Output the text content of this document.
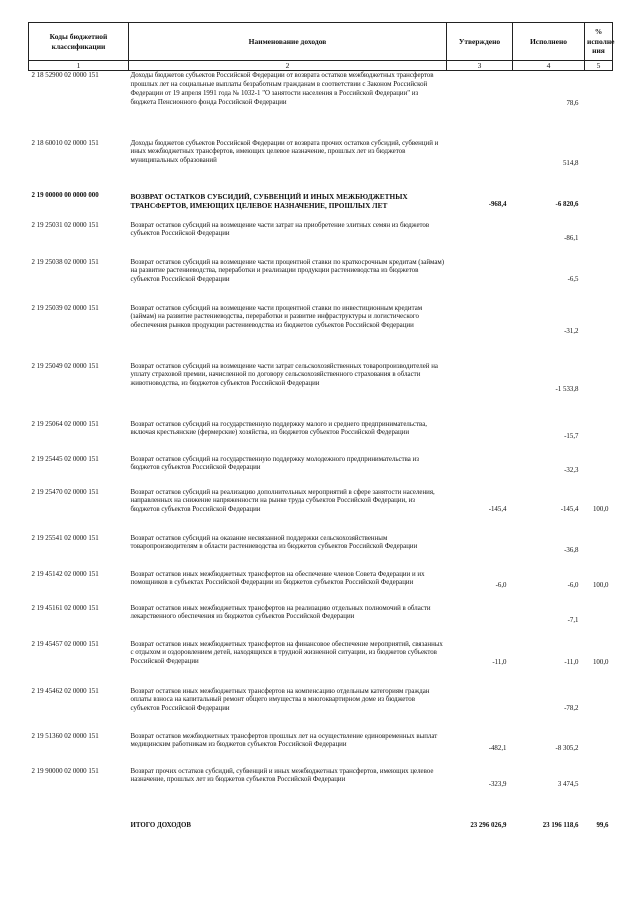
Коды бюджетной классификации	Наименование доходов	Утверждено	Исполнено	% исполне ния
1	2	3	4	5
2 18 52900 02 0000 151	Доходы бюджетов субъектов Российской Федерации от возврата остатков межбюджетных трансфертов прошлых лет на социальные выплаты безработным гражданам в соответствии с Законом Российской Федерации от 19 апреля 1991 года № 1032-1 "О занятости населения в Российской Федерации" из бюджета Пенсионного фонда Российской Федерации		78,6	
2 18 60010 02 0000 151	Доходы бюджетов субъектов Российской Федерации от возврата прочих остатков субсидий, субвенций и иных межбюджетных трансфертов, имеющих целевое назначение, прошлых лет из бюджетов муниципальных образований		514,8	
2 19 00000 00 0000 000	ВОЗВРАТ ОСТАТКОВ СУБСИДИЙ, СУБВЕНЦИЙ И ИНЫХ МЕЖБЮДЖЕТНЫХ ТРАНСФЕРТОВ, ИМЕЮЩИХ ЦЕЛЕВОЕ НАЗНАЧЕНИЕ, ПРОШЛЫХ ЛЕТ	-968,4	-6 820,6	
2 19 25031 02 0000 151	Возврат остатков субсидий на возмещение части затрат на приобретение элитных семян из бюджетов субъектов Российской Федерации		-86,1	
2 19 25038 02 0000 151	Возврат остатков субсидий на возмещение части процентной ставки по краткосрочным кредитам (займам) на развитие растениеводства, переработки и реализации продукции растениеводства из бюджетов субъектов Российской Федерации		-6,5	
2 19 25039 02 0000 151	Возврат остатков субсидий на возмещение части процентной ставки по инвестиционным кредитам (займам) на развитие растениеводства, переработки и развитие инфраструктуры и логистического обеспечения рынков продукции растениеводства из бюджетов субъектов Российской Федерации		-31,2	
2 19 25049 02 0000 151	Возврат остатков субсидий на возмещение части затрат сельскохозяйственных товаропроизводителей на уплату страховой премии, начисленной по договору сельскохозяйственного страхования в области животноводства, из бюджетов субъектов Российской Федерации		-1 533,8	
2 19 25064 02 0000 151	Возврат остатков субсидий на государственную поддержку малого и среднего предпринимательства, включая крестьянские (фермерские) хозяйства, из бюджетов субъектов Российской Федерации		-15,7	
2 19 25445 02 0000 151	Возврат остатков субсидий на государственную поддержку молодежного предпринимательства из бюджетов субъектов Российской Федерации		-32,3	
2 19 25470 02 0000 151	Возврат остатков субсидий на реализацию дополнительных мероприятий в сфере занятости населения, направленных на снижение напряженности на рынке труда субъектов Российской Федерации, из бюджетов субъектов Российской Федерации	-145,4	-145,4	100,0
2 19 25541 02 0000 151	Возврат остатков субсидий на оказание несвязанной поддержки сельскохозяйственным товаропроизводителям в области растениеводства из бюджетов субъектов Российской Федерации		-36,8	
2 19 45142 02 0000 151	Возврат остатков иных межбюджетных трансфертов на обеспечение членов Совета Федерации и их помощников в субъектах Российской Федерации из бюджетов субъектов Российской Федерации	-6,0	-6,0	100,0
2 19 45161 02 0000 151	Возврат остатков иных межбюджетных трансфертов на реализацию отдельных полномочий в области лекарственного обеспечения из бюджетов субъектов Российской Федерации		-7,1	
2 19 45457 02 0000 151	Возврат остатков иных межбюджетных трансфертов на финансовое обеспечение мероприятий, связанных с отдыхом и оздоровлением детей, находящихся в трудной жизненной ситуации, из бюджетов субъектов Российской Федерации	-11,0	-11,0	100,0
2 19 45462 02 0000 151	Возврат остатков иных межбюджетных трансфертов на компенсацию отдельным категориям граждан оплаты взноса на капитальный ремонт общего имущества в многоквартирном доме из бюджетов субъектов Российской Федерации		-78,2	
2 19 51360 02 0000 151	Возврат остатков межбюджетных трансфертов прошлых лет на осуществление единовременных выплат медицинским работникам из бюджетов субъектов Российской Федерации	-482,1	-8 305,2	
2 19 90000 02 0000 151	Возврат прочих остатков субсидий, субвенций и иных межбюджетных трансфертов, имеющих целевое назначение, прошлых лет из бюджетов субъектов Российской Федерации	-323,9	3 474,5	
	ИТОГО ДОХОДОВ	23 296 026,9	23 196 118,6	99,6
